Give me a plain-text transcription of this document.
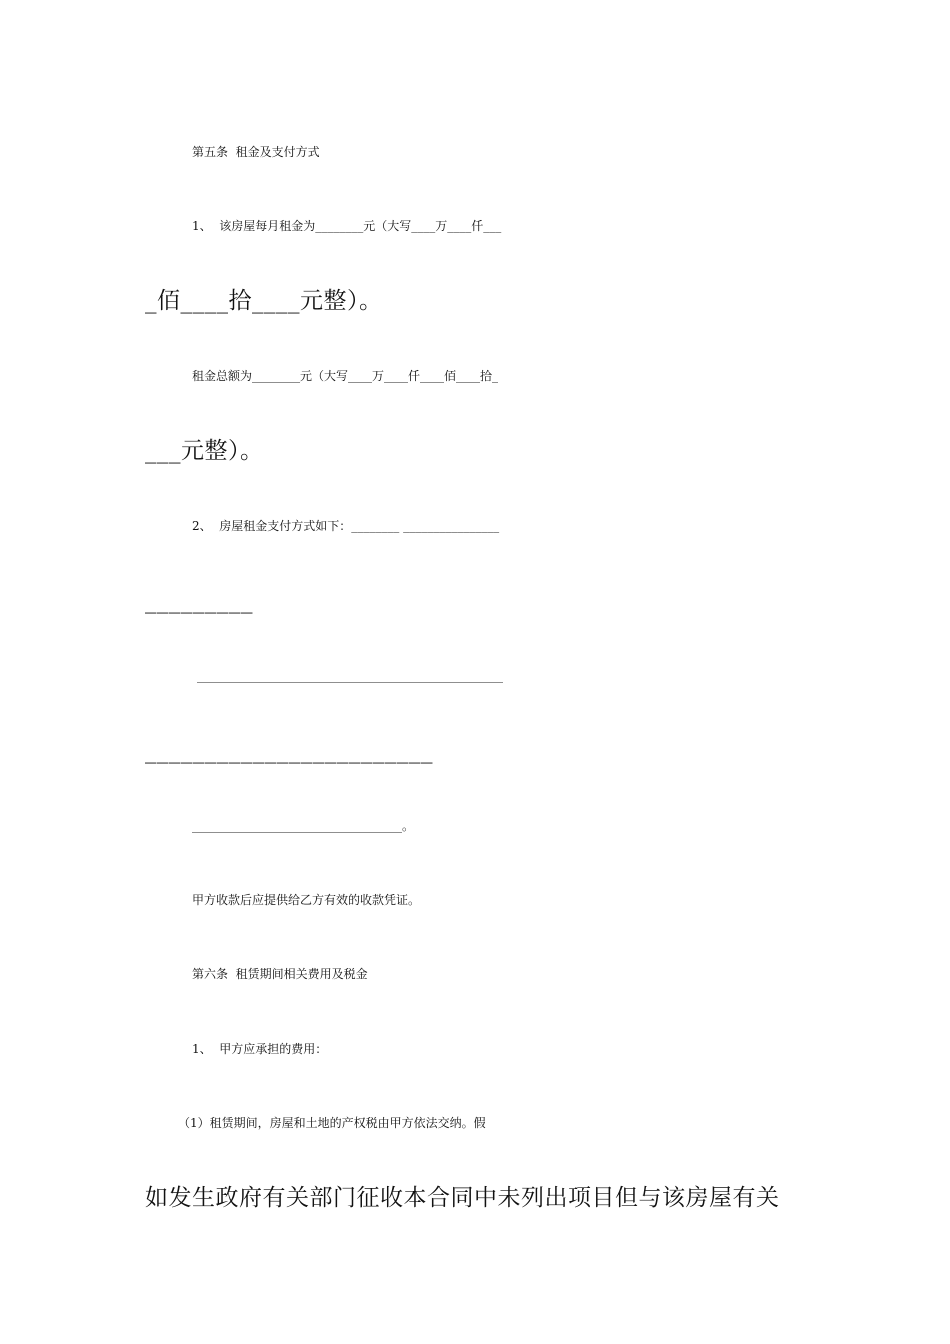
第五条  租金及支付方式
1、  该房屋每月租金为________元（大写____万____仟___
_佰____拾____元整）。
租金总额为________元（大写____万____仟____佰____拾_
___元整）。
2、  房屋租金支付方式如下：________ ________________
_________
___________________________________________________
________________________
___________________________________。
甲方收款后应提供给乙方有效的收款凭证。
第六条  租赁期间相关费用及税金
1、  甲方应承担的费用：
（1）租赁期间，房屋和土地的产权税由甲方依法交纳。假
如发生政府有关部门征收本合同中未列出项目但与该房屋有关
